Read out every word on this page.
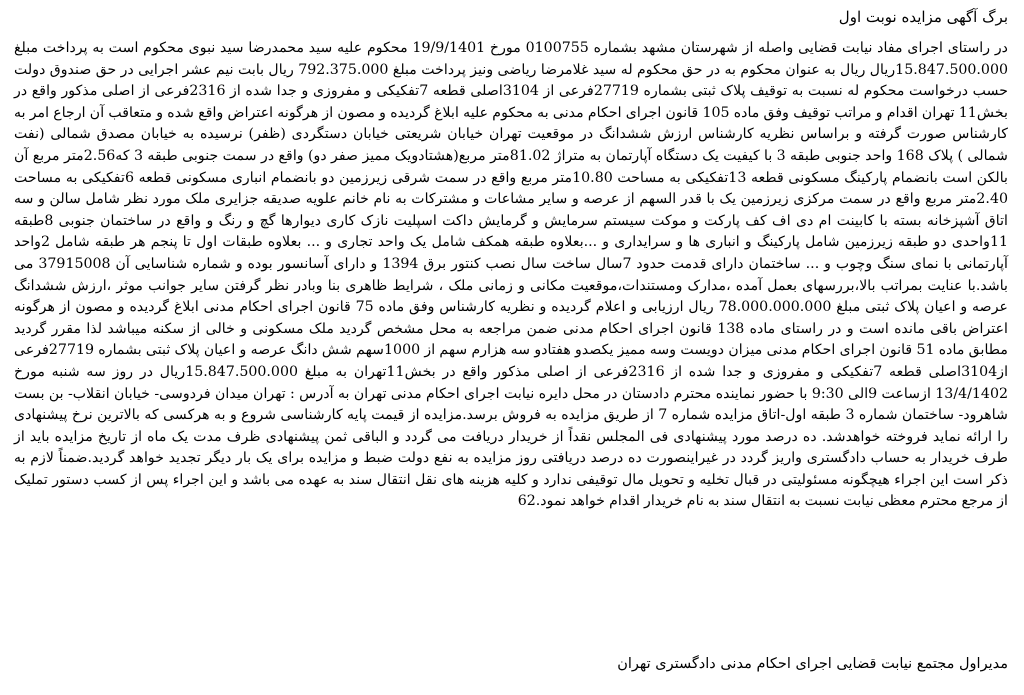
برگ آگهی مزایده نوبت اول

در راستای اجرای مفاد نیابت قضایی واصله از شهرستان مشهد بشماره 0100755 مورخ 19/9/1401 محکوم علیه سید محمدرضا سید نبوی محکوم است به پرداخت مبلغ 15.847.500.000ریال ریال به عنوان محکوم به در حق محکوم له سید غلامرضا ریاضی ونیز پرداخت مبلغ 792.375.000 ریال بابت نیم عشر اجرایی در حق صندوق دولت حسب درخواست محکوم له نسبت به توقیف پلاک ثبتی بشماره 27719فرعی از 3104اصلی قطعه 7تفکیکی و مفروزی و جدا شده از 2316فرعی از اصلی مذکور واقع در بخش11 تهران اقدام و مراتب توقیف وفق ماده 105 قانون اجرای احکام مدنی به محکوم علیه ابلاغ گردیده و مصون از هرگونه اعتراض واقع شده و متعاقب آن ارجاع امر به کارشناس صورت گرفته و براساس نظریه کارشناس ارزش ششدانگ در موقعیت تهران خیابان شریعتی خیابان دستگردی (ظفر) نرسیده به خیابان مصدق شمالی (نفت شمالی ) پلاک 168 واحد جنوبی طبقه 3 با کیفیت یک دستگاه آپارتمان به متراژ 81.02متر مربع(هشتادویک ممیز صفر دو) واقع در سمت جنوبی طبقه 3 که2.56متر مربع آن بالکن است بانضمام پارکینگ مسکونی قطعه 13تفکیکی به مساحت 10.80متر مربع واقع در سمت شرقی زیرزمین دو بانضمام انباری مسکونی قطعه 6تفکیکی به مساحت 2.40متر مربع واقع در سمت مرکزی زیرزمین یک با قدر السهم از عرصه و سایر مشاعات و مشترکات به نام خانم علویه صدیقه جزایری ملک مورد نظر شامل سالن و سه اتاق آشپزخانه بسته با کابینت ام دی اف کف پارکت و موکت سیستم سرمایش و گرمایش داکت اسپلیت نازک کاری دیوارها گچ و رنگ و واقع در ساختمان جنوبی 8طبقه 11واحدی دو طبقه زیرزمین شامل پارکینگ و انباری ها و سرایداری و ...بعلاوه طبقه همکف شامل یک واحد تجاری و ... بعلاوه طبقات اول تا پنجم هر طبقه شامل 2واحد آپارتمانی با نمای سنگ وچوب و ... ساختمان دارای قدمت حدود 7سال ساخت سال نصب کنتور برق 1394 و دارای آسانسور بوده و شماره شناسایی آن 3791500‌8 می باشد.با عنایت بمراتب بالا،بررسهای بعمل آمده ،مدارک ومستندات،موقعیت مکانی و زمانی ملک ، شرایط ظاهری بنا وبادر نظر گرفتن سایر جوانب موثر ،ارزش ششدانگ عرصه و اعیان پلاک ثبتی مبلغ 78.000.000.000 ریال ارزیابی و اعلام گردیده و نظریه کارشناس وفق ماده 75 قانون اجرای احکام مدنی ابلاغ گردیده و مصون از هرگونه اعتراض باقی مانده است و در راستای ماده 138 قانون اجرای احکام مدنی ضمن مراجعه به محل مشخص گردید ملک مسکونی و خالی از سکنه میباشد لذا مقرر گردید مطابق ماده 51 قانون اجرای احکام مدنی میزان دویست وسه ممیز یکصدو هفتادو سه هزارم سهم از 1000سهم شش دانگ عرصه و اعیان پلاک ثبتی بشماره 27719فرعی از3104اصلی قطعه 7تفکیکی و مفروزی و جدا شده از 2316فرعی از اصلی مذکور واقع در بخش11تهران به مبلغ 15.847.500.000ریال در روز سه شنبه مورخ 13/4/1402 ازساعت 9الی 9:30 با حضور نماینده محترم دادستان در محل دایره نیابت اجرای احکام مدنی تهران به آدرس : تهران میدان فردوسی- خیابان انقلاب- بن بست شاهرود- ساختمان شماره 3 طبقه اول-اتاق مزایده شماره 7 از طریق مزایده به فروش برسد.مزایده از قیمت پایه کارشناسی شروع و به هرکسی که بالاترین نرخ پیشنهادی را ارائه نماید فروخته خواهدشد. ده درصد مورد پیشنهادی فی المجلس نقداً از خریدار دریافت می گردد و الباقی ثمن پیشنهادی ظرف مدت یک ماه از تاریخ مزایده باید از طرف خریدار به حساب دادگستری واریز گردد در غیراینصورت ده درصد دریافتی روز مزایده به نفع دولت ضبط و مزایده برای یک بار دیگر تجدید خواهد گردید.ضمناً لازم به ذکر است این اجراء هیچگونه مسئولیتی در قبال تخلیه و تحویل مال توقیفی ندارد و کلیه هزینه های نقل انتقال سند به عهده می باشد و این اجراء پس از کسب دستور تملیک از مرجع محترم معظی نیابت نسبت به انتقال سند به نام خریدار اقدام خواهد نمود.62

مدیراول مجتمع نیابت قضایی اجرای احکام مدنی دادگستری تهران
